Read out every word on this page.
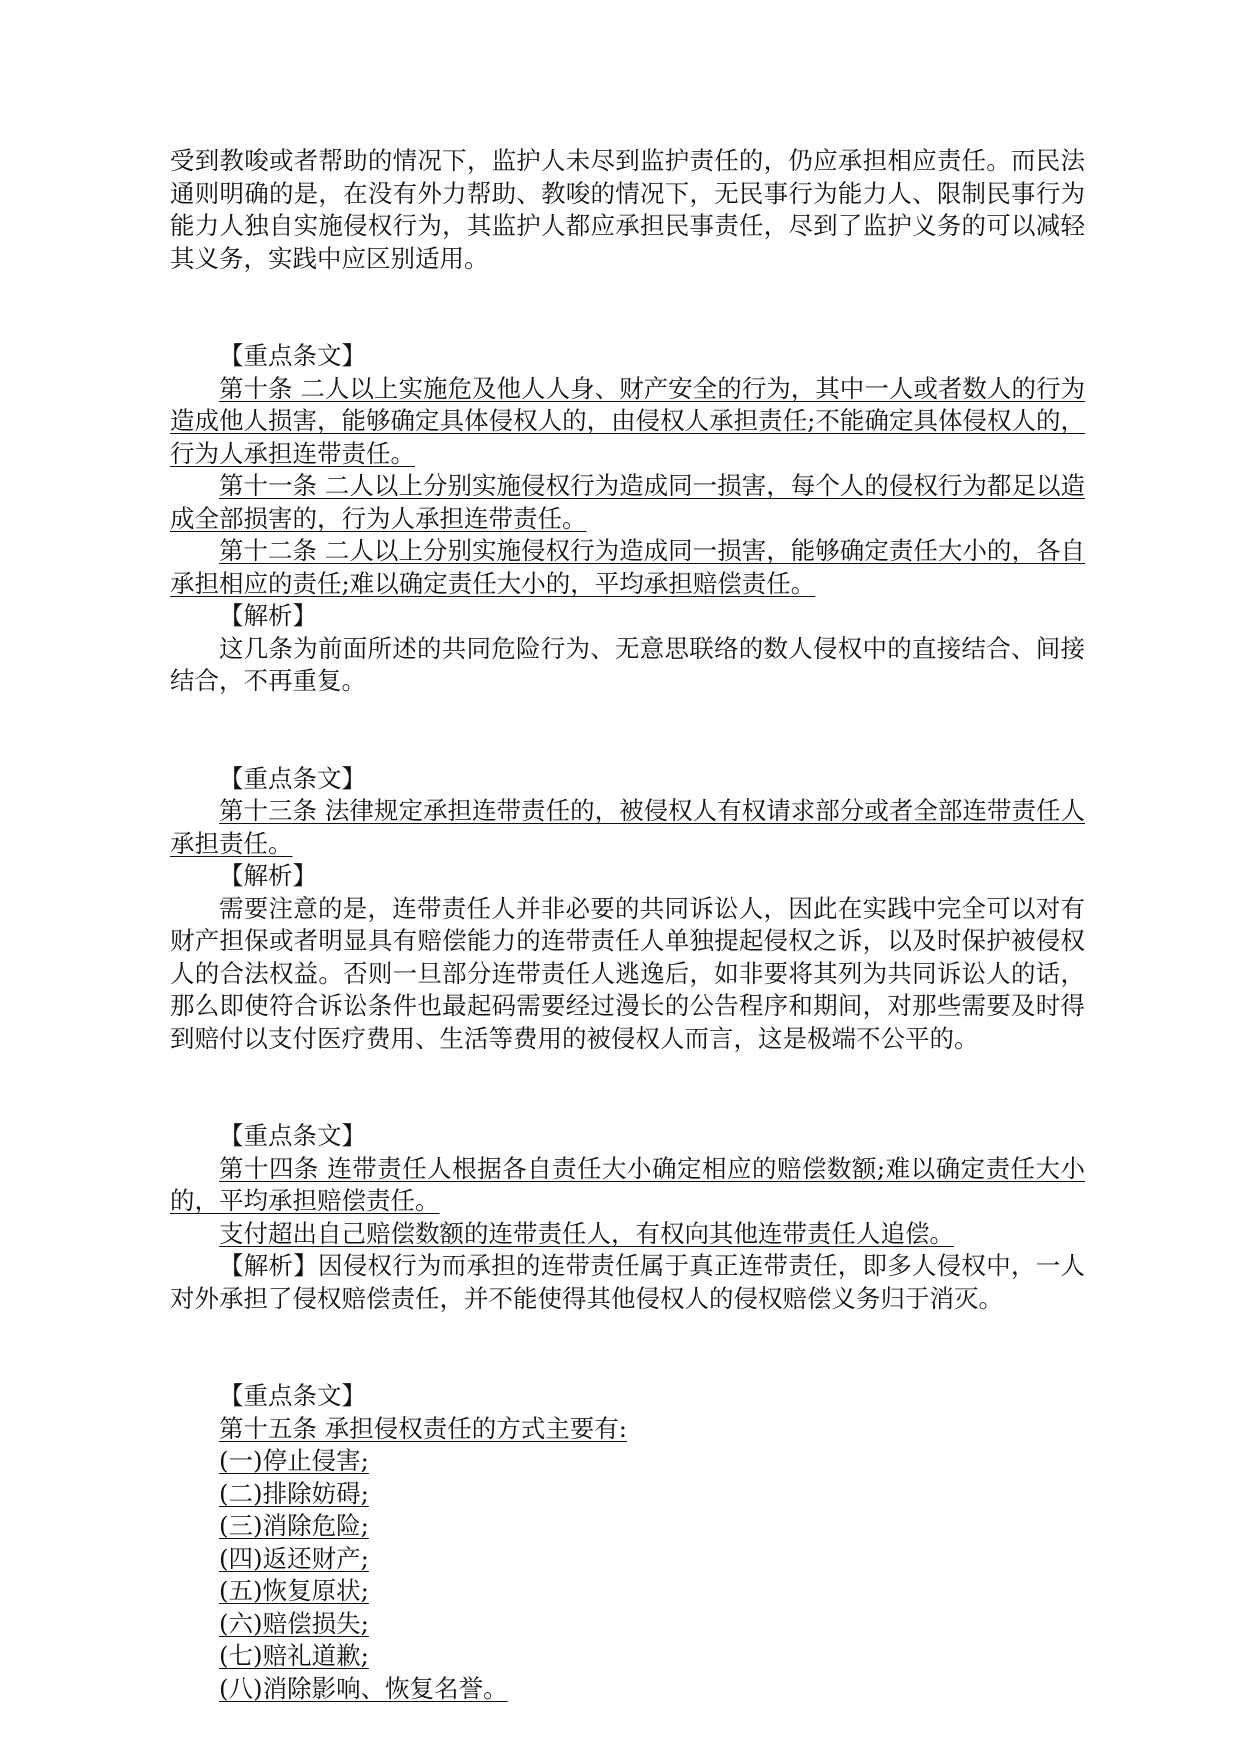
受到教唆或者帮助的情况下，监护人未尽到监护责任的，仍应承担相应责任。而民法通则明确的是，在没有外力帮助、教唆的情况下，无民事行为能力人、限制民事行为能力人独自实施侵权行为，其监护人都应承担民事责任，尽到了监护义务的可以减轻其义务，实践中应区别适用。

【重点条文】

第十条 二人以上实施危及他人人身、财产安全的行为，其中一人或者数人的行为造成他人损害，能够确定具体侵权人的，由侵权人承担责任;不能确定具体侵权人的，行为人承担连带责任。

第十一条 二人以上分别实施侵权行为造成同一损害，每个人的侵权行为都足以造成全部损害的，行为人承担连带责任。

第十二条 二人以上分别实施侵权行为造成同一损害，能够确定责任大小的，各自承担相应的责任;难以确定责任大小的，平均承担赔偿责任。

【解析】

这几条为前面所述的共同危险行为、无意思联络的数人侵权中的直接结合、间接结合，不再重复。

【重点条文】

第十三条 法律规定承担连带责任的，被侵权人有权请求部分或者全部连带责任人承担责任。

【解析】

需要注意的是，连带责任人并非必要的共同诉讼人，因此在实践中完全可以对有财产担保或者明显具有赔偿能力的连带责任人单独提起侵权之诉，以及时保护被侵权人的合法权益。否则一旦部分连带责任人逃逸后，如非要将其列为共同诉讼人的话，那么即使符合诉讼条件也最起码需要经过漫长的公告程序和期间，对那些需要及时得到赔付以支付医疗费用、生活等费用的被侵权人而言，这是极端不公平的。

【重点条文】

第十四条 连带责任人根据各自责任大小确定相应的赔偿数额;难以确定责任大小的，平均承担赔偿责任。

支付超出自己赔偿数额的连带责任人，有权向其他连带责任人追偿。

【解析】因侵权行为而承担的连带责任属于真正连带责任，即多人侵权中，一人对外承担了侵权赔偿责任，并不能使得其他侵权人的侵权赔偿义务归于消灭。

【重点条文】

第十五条 承担侵权责任的方式主要有:

(一)停止侵害;
(二)排除妨碍;
(三)消除危险;
(四)返还财产;
(五)恢复原状;
(六)赔偿损失;
(七)赔礼道歉;
(八)消除影响、恢复名誉。
